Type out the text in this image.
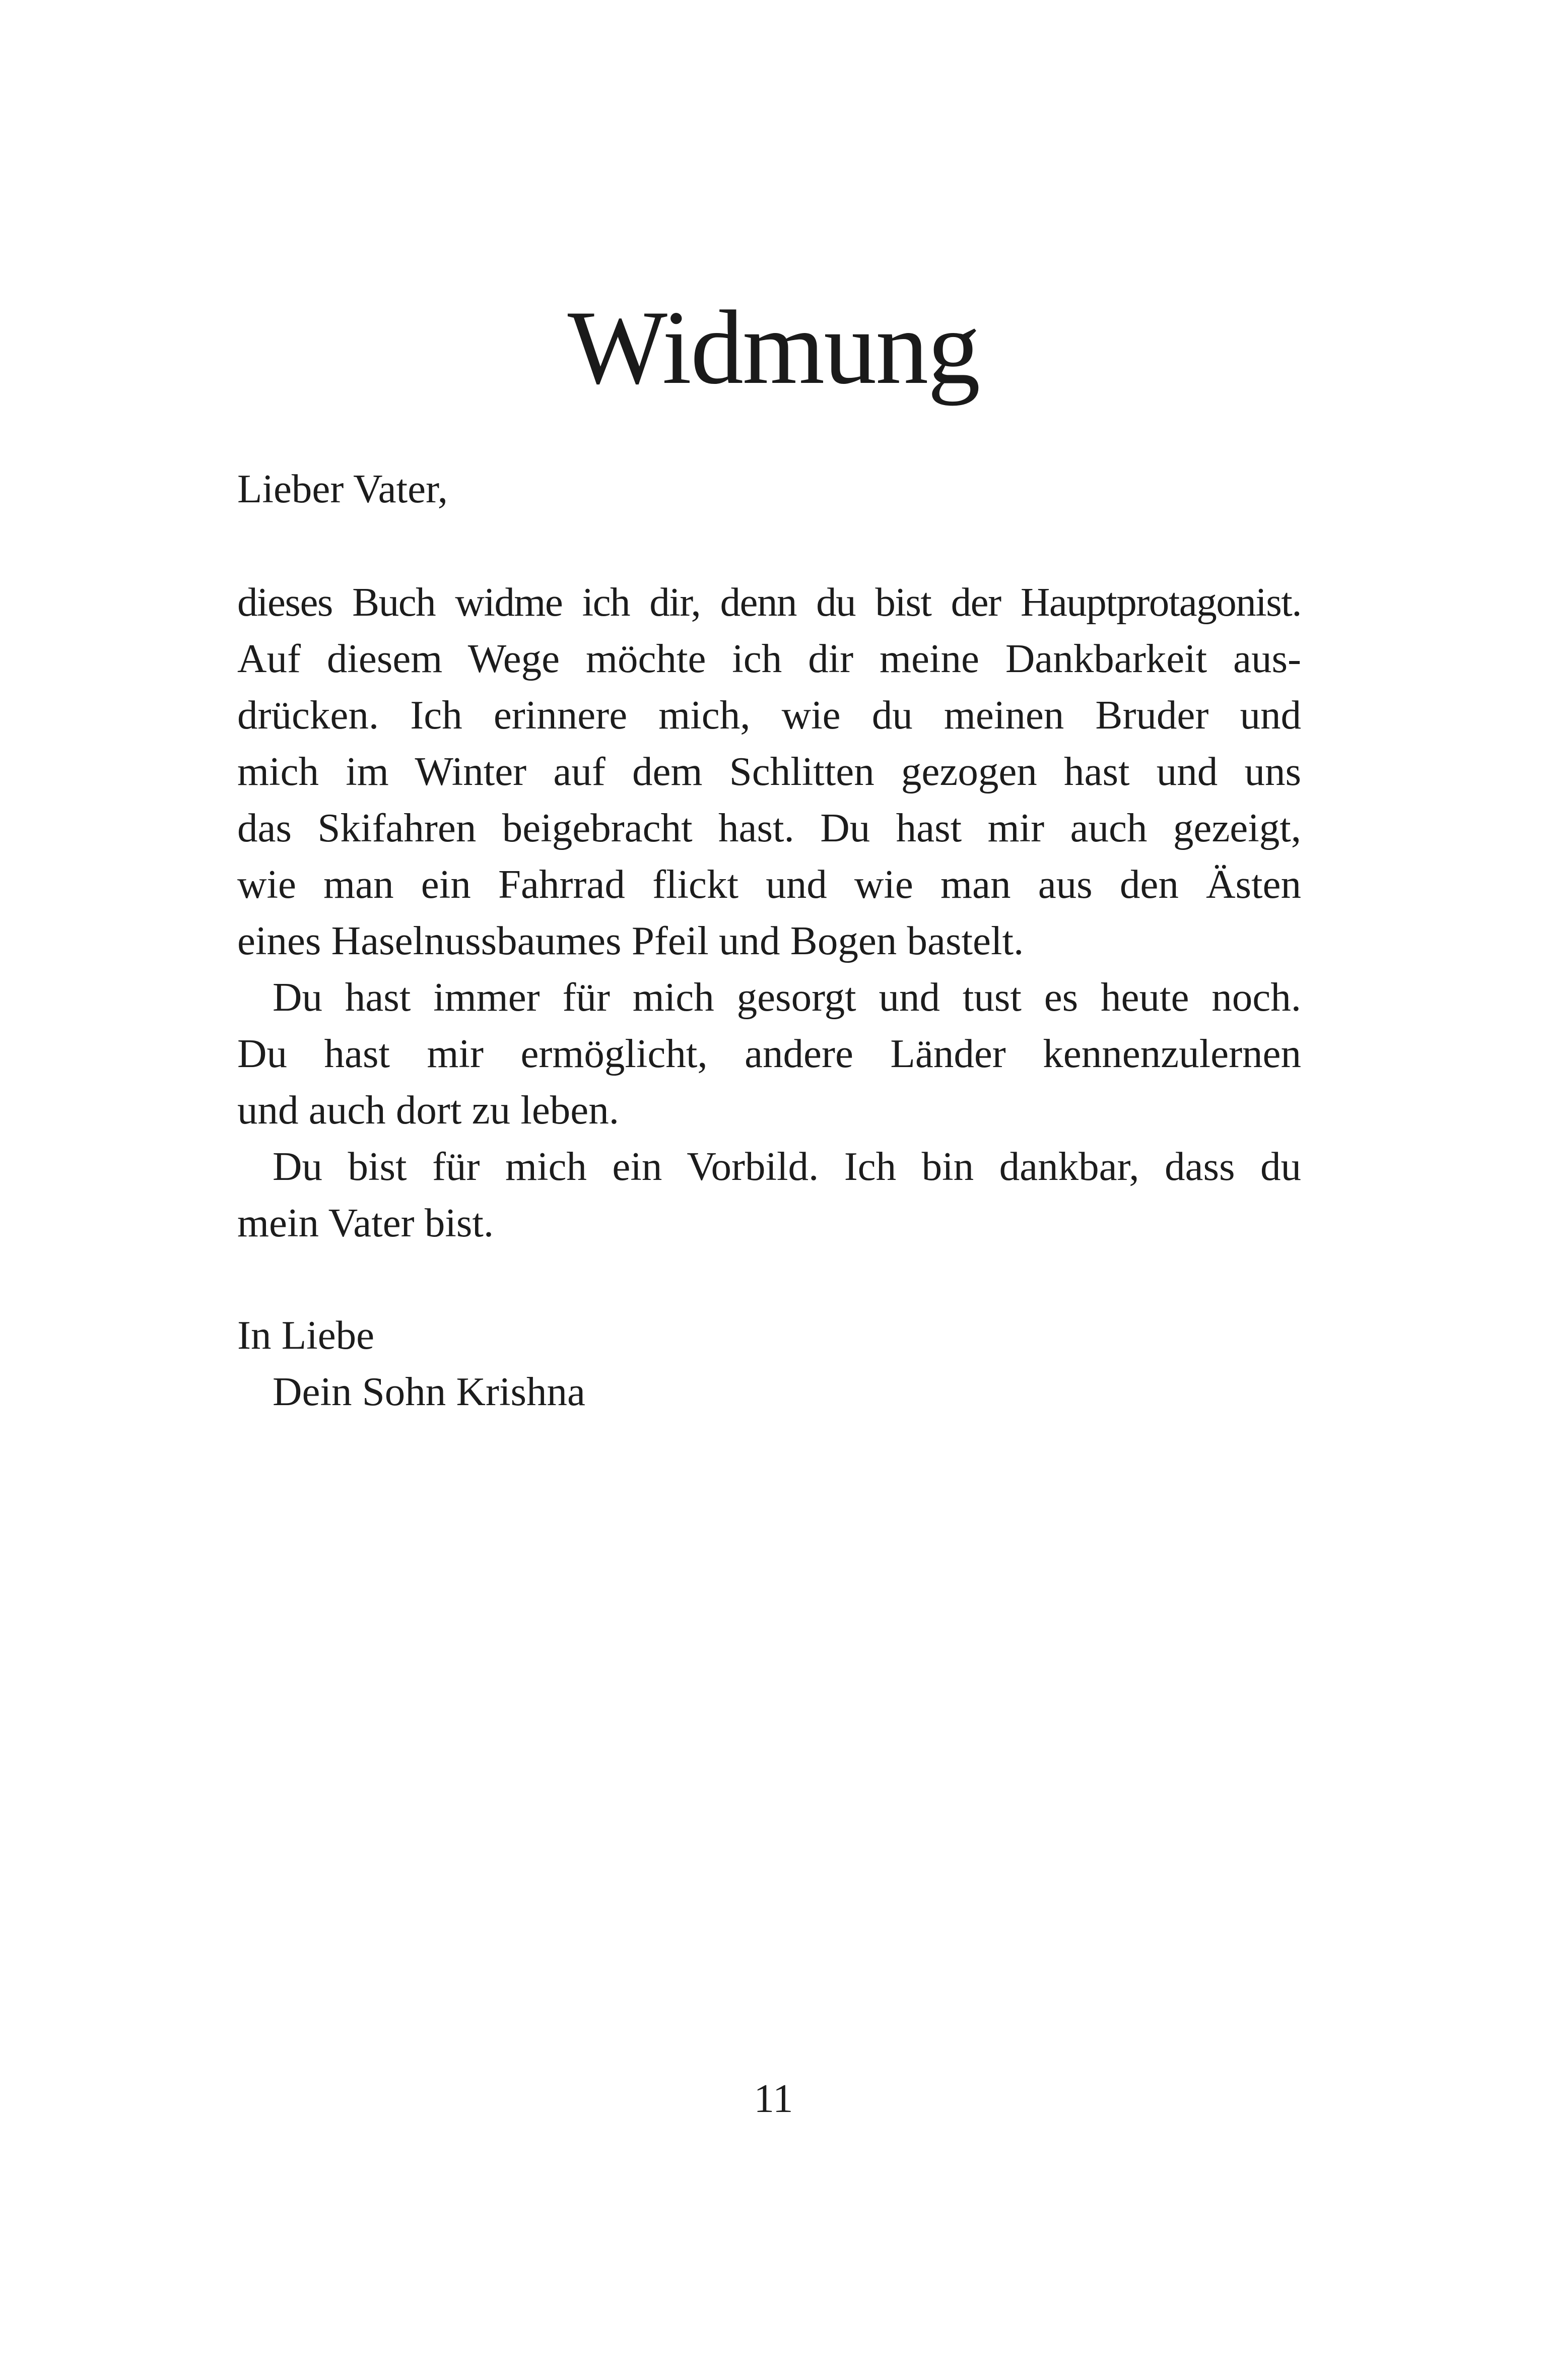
Widmung

Lieber Vater,

dieses Buch widme ich dir, denn du bist der Hauptprotagonist.

Auf diesem Wege möchte ich dir meine Dankbarkeit aus-

drücken. Ich erinnere mich, wie du meinen Bruder und

mich im Winter auf dem Schlitten gezogen hast und uns

das Skifahren beigebracht hast. Du hast mir auch gezeigt,

wie man ein Fahrrad flickt und wie man aus den Ästen

eines Haselnussbaumes Pfeil und Bogen bastelt.

Du hast immer für mich gesorgt und tust es heute noch.

Du hast mir ermöglicht, andere Länder kennenzulernen

und auch dort zu leben.

Du bist für mich ein Vorbild. Ich bin dankbar, dass du

mein Vater bist.

In Liebe

Dein Sohn Krishna

11
